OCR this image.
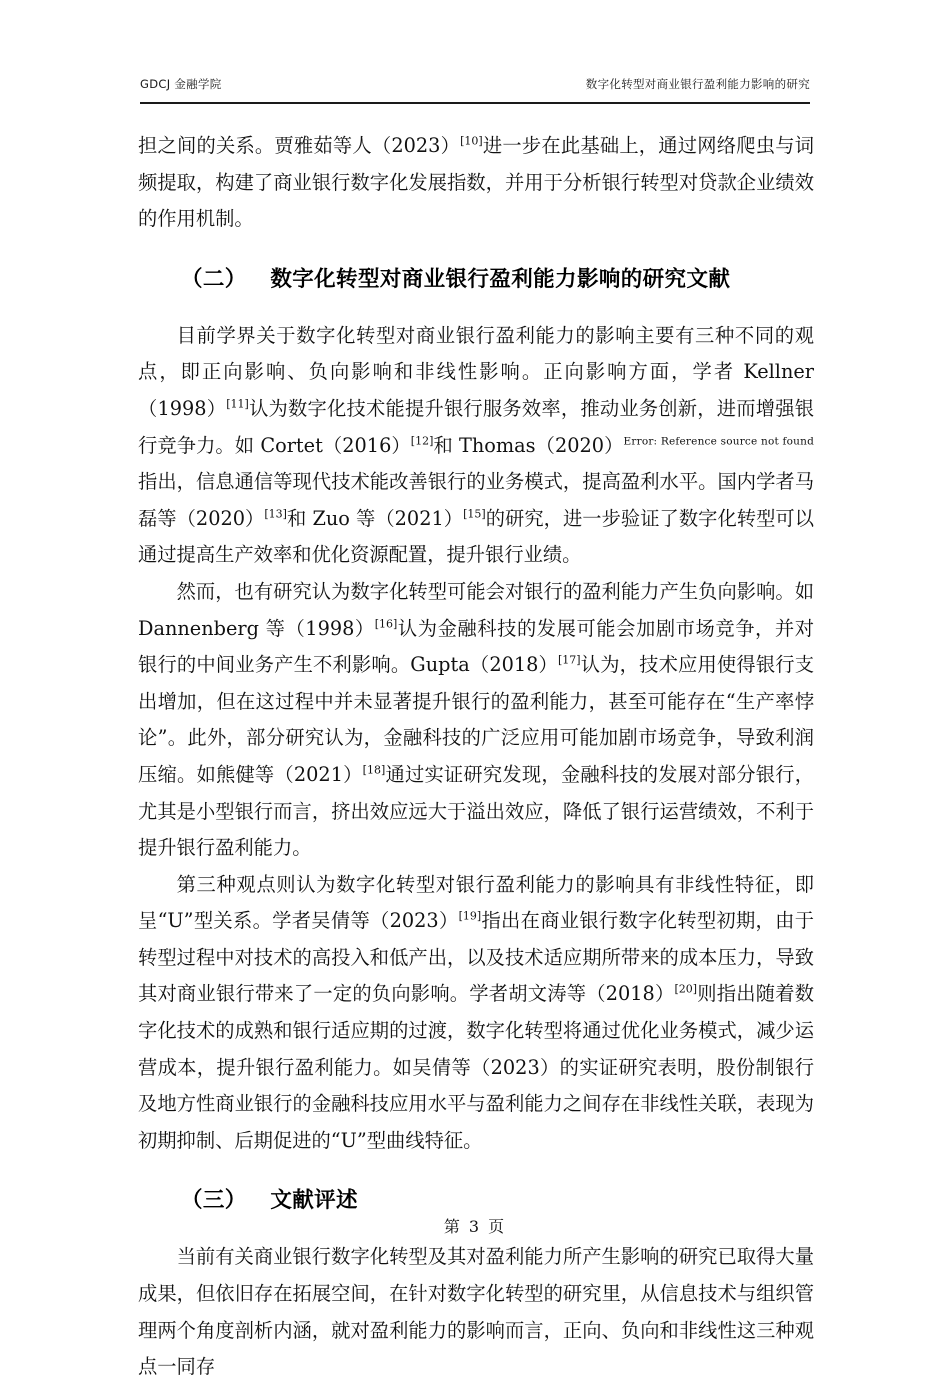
GDCJ 金融学院	数字化转型对商业银行盈利能力影响的研究

担之间的关系。贾雅茹等人（2023）[10]进一步在此基础上，通过网络爬虫与词频提取，构建了商业银行数字化发展指数，并用于分析银行转型对贷款企业绩效的作用机制。

（二） 数字化转型对商业银行盈利能力影响的研究文献

目前学界关于数字化转型对商业银行盈利能力的影响主要有三种不同的观点，即正向影响、负向影响和非线性影响。正向影响方面，学者 Kellner（1998）[11]认为数字化技术能提升银行服务效率，推动业务创新，进而增强银行竞争力。如 Cortet（2016）[12]和 $Thomas(2020)^{Error: Reference source not found}$指出，信息通信等现代技术能改善银行的业务模式，提高盈利水平。国内学者马磊等（2020）[13]和 Zuo 等（2021）[15]的研究，进一步验证了数字化转型可以通过提高生产效率和优化资源配置，提升银行业绩。

然而，也有研究认为数字化转型可能会对银行的盈利能力产生负向影响。如 Dannenberg 等（1998）[16]认为金融科技的发展可能会加剧市场竞争，并对银行的中间业务产生不利影响。Gupta（2018）[17]认为，技术应用使得银行支出增加，但在这过程中并未显著提升银行的盈利能力，甚至可能存在“生产率悖论”。此外，部分研究认为，金融科技的广泛应用可能加剧市场竞争，导致利润压缩。如熊健等（2021）[18]通过实证研究发现，金融科技的发展对部分银行，尤其是小型银行而言，挤出效应远大于溢出效应，降低了银行运营绩效，不利于提升银行盈利能力。

第三种观点则认为数字化转型对银行盈利能力的影响具有非线性特征，即呈“U”型关系。学者吴倩等（2023）[19]指出在商业银行数字化转型初期，由于转型过程中对技术的高投入和低产出，以及技术适应期所带来的成本压力，导致其对商业银行带来了一定的负向影响。学者胡文涛等（2018）[20]则指出随着数字化技术的成熟和银行适应期的过渡，数字化转型将通过优化业务模式，减少运营成本，提升银行盈利能力。如吴倩等（2023）的实证研究表明，股份制银行及地方性商业银行的金融科技应用水平与盈利能力之间存在非线性关联，表现为初期抑制、后期促进的“U”型曲线特征。

（三） 文献评述

当前有关商业银行数字化转型及其对盈利能力所产生影响的研究已取得大量成果，但依旧存在拓展空间，在针对数字化转型的研究里，从信息技术与组织管理两个角度剖析内涵，就对盈利能力的影响而言，正向、负向和非线性这三种观点一同存

第 3 页
